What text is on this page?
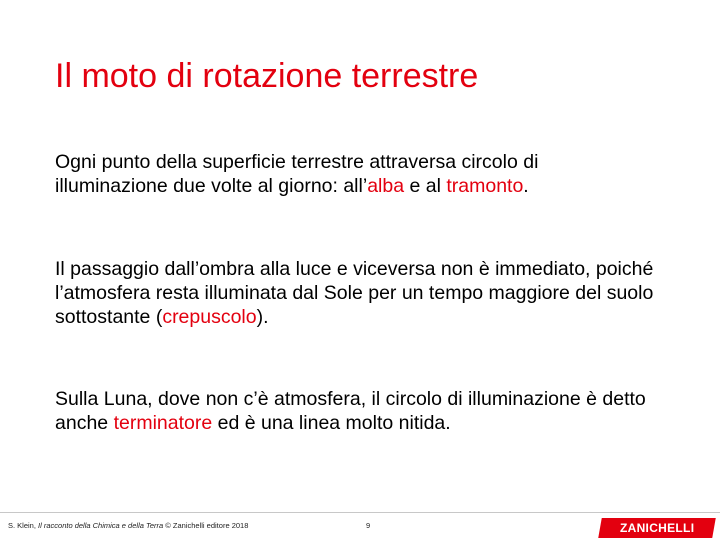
Il moto di rotazione terrestre
Ogni punto della superficie terrestre attraversa circolo di illuminazione due volte al giorno: all’alba e al tramonto.
Il passaggio dall’ombra alla luce e viceversa non è immediato, poiché l’atmosfera resta illuminata dal Sole per un tempo maggiore del suolo sottostante (crepuscolo).
Sulla Luna, dove non c’è atmosfera, il circolo di illuminazione è detto anche terminatore ed è una linea molto nitida.
S. Klein, Il racconto della Chimica e della Terra © Zanichelli editore 2018	9	ZANICHELLI
